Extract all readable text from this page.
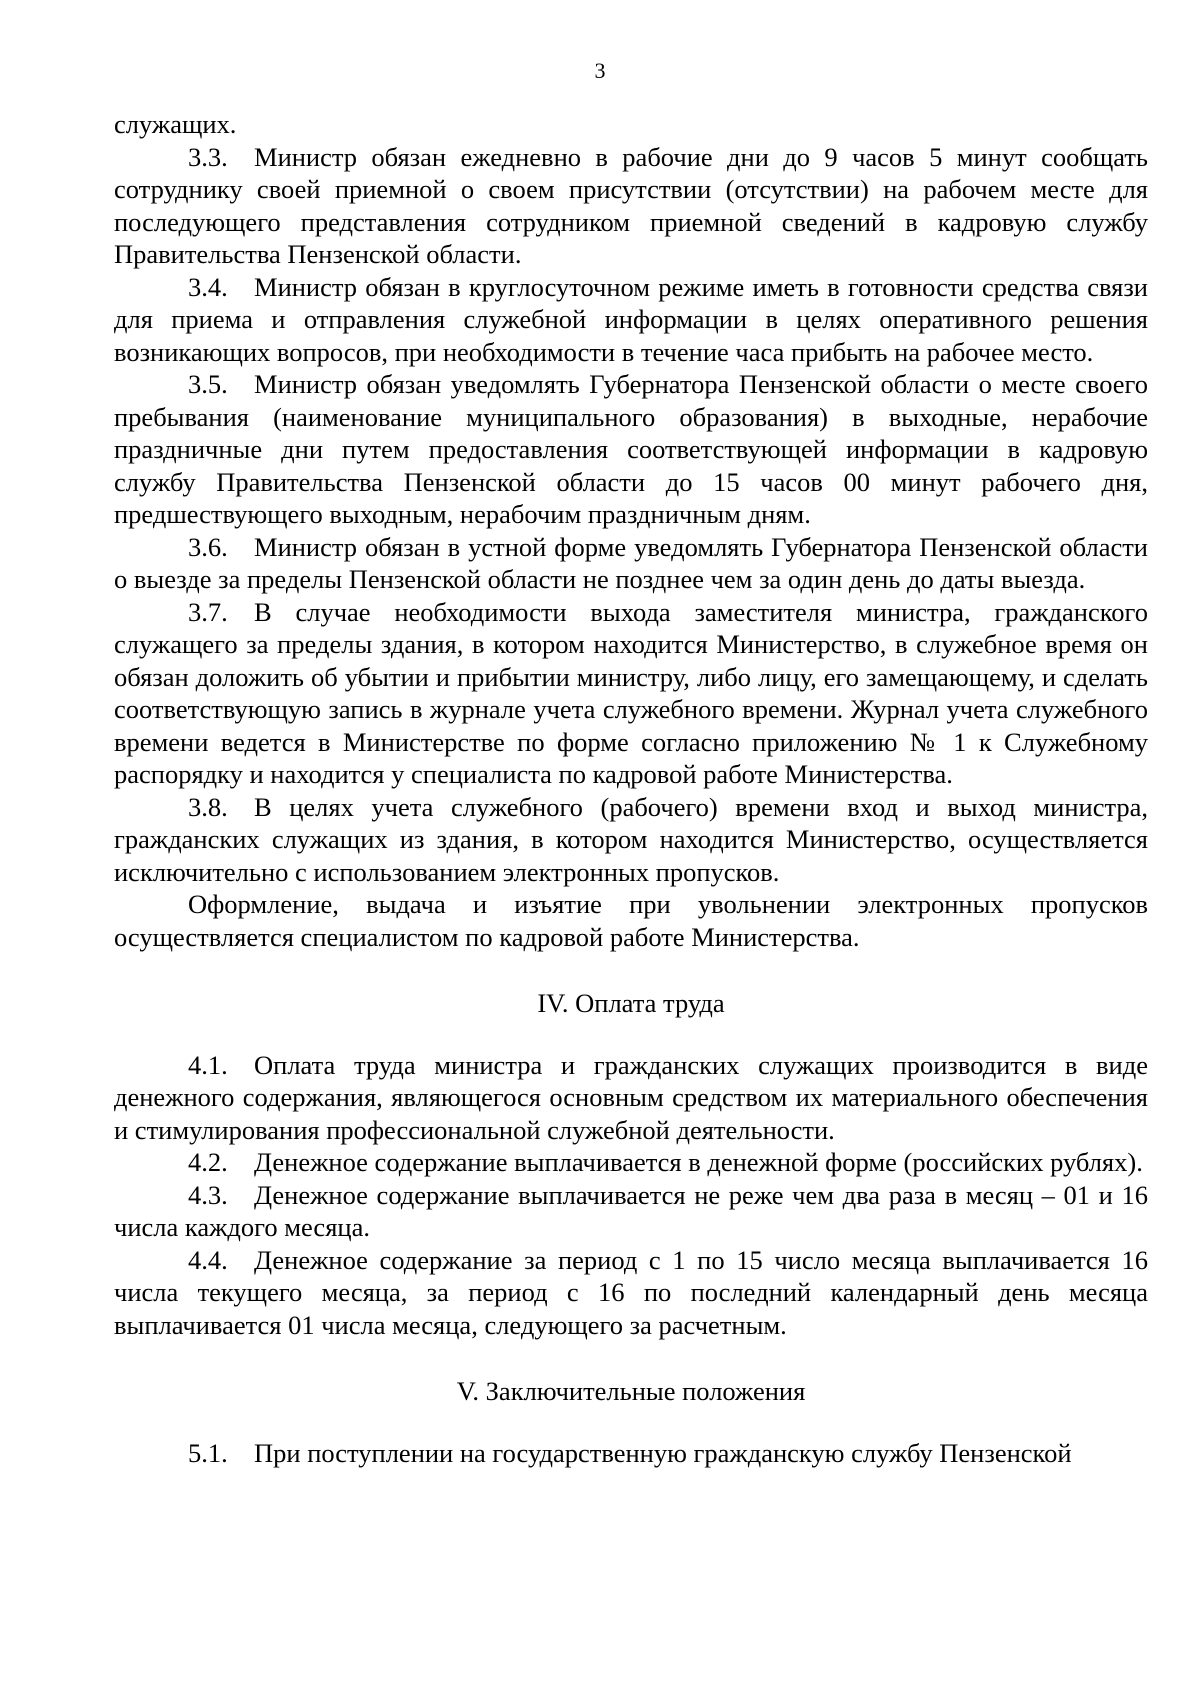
3

служащих.

3.3. Министр обязан ежедневно в рабочие дни до 9 часов 5 минут сообщать сотруднику своей приемной о своем присутствии (отсутствии) на рабочем месте для последующего представления сотрудником приемной сведений в кадровую службу Правительства Пензенской области.

3.4. Министр обязан в круглосуточном режиме иметь в готовности средства связи для приема и отправления служебной информации в целях оперативного решения возникающих вопросов, при необходимости в течение часа прибыть на рабочее место.

3.5. Министр обязан уведомлять Губернатора Пензенской области о месте своего пребывания (наименование муниципального образования) в выходные, нерабочие праздничные дни путем предоставления соответствующей информации в кадровую службу Правительства Пензенской области до 15 часов 00 минут рабочего дня, предшествующего выходным, нерабочим праздничным дням.

3.6. Министр обязан в устной форме уведомлять Губернатора Пензенской области о выезде за пределы Пензенской области не позднее чем за один день до даты выезда.

3.7. В случае необходимости выхода заместителя министра, гражданского служащего за пределы здания, в котором находится Министерство, в служебное время он обязан доложить об убытии и прибытии министру, либо лицу, его замещающему, и сделать соответствующую запись в журнале учета служебного времени. Журнал учета служебного времени ведется в Министерстве по форме согласно приложению № 1 к Служебному распорядку и находится у специалиста по кадровой работе Министерства.

3.8. В целях учета служебного (рабочего) времени вход и выход министра, гражданских служащих из здания, в котором находится Министерство, осуществляется исключительно с использованием электронных пропусков.

Оформление, выдача и изъятие при увольнении электронных пропусков осуществляется специалистом по кадровой работе Министерства.

IV. Оплата труда

4.1. Оплата труда министра и гражданских служащих производится в виде денежного содержания, являющегося основным средством их материального обеспечения и стимулирования профессиональной служебной деятельности.

4.2. Денежное содержание выплачивается в денежной форме (российских рублях).

4.3. Денежное содержание выплачивается не реже чем два раза в месяц – 01 и 16 числа каждого месяца.

4.4. Денежное содержание за период с 1 по 15 число месяца выплачивается 16 числа текущего месяца, за период с 16 по последний календарный день месяца выплачивается 01 числа месяца, следующего за расчетным.

V. Заключительные положения

5.1. При поступлении на государственную гражданскую службу Пензенской
